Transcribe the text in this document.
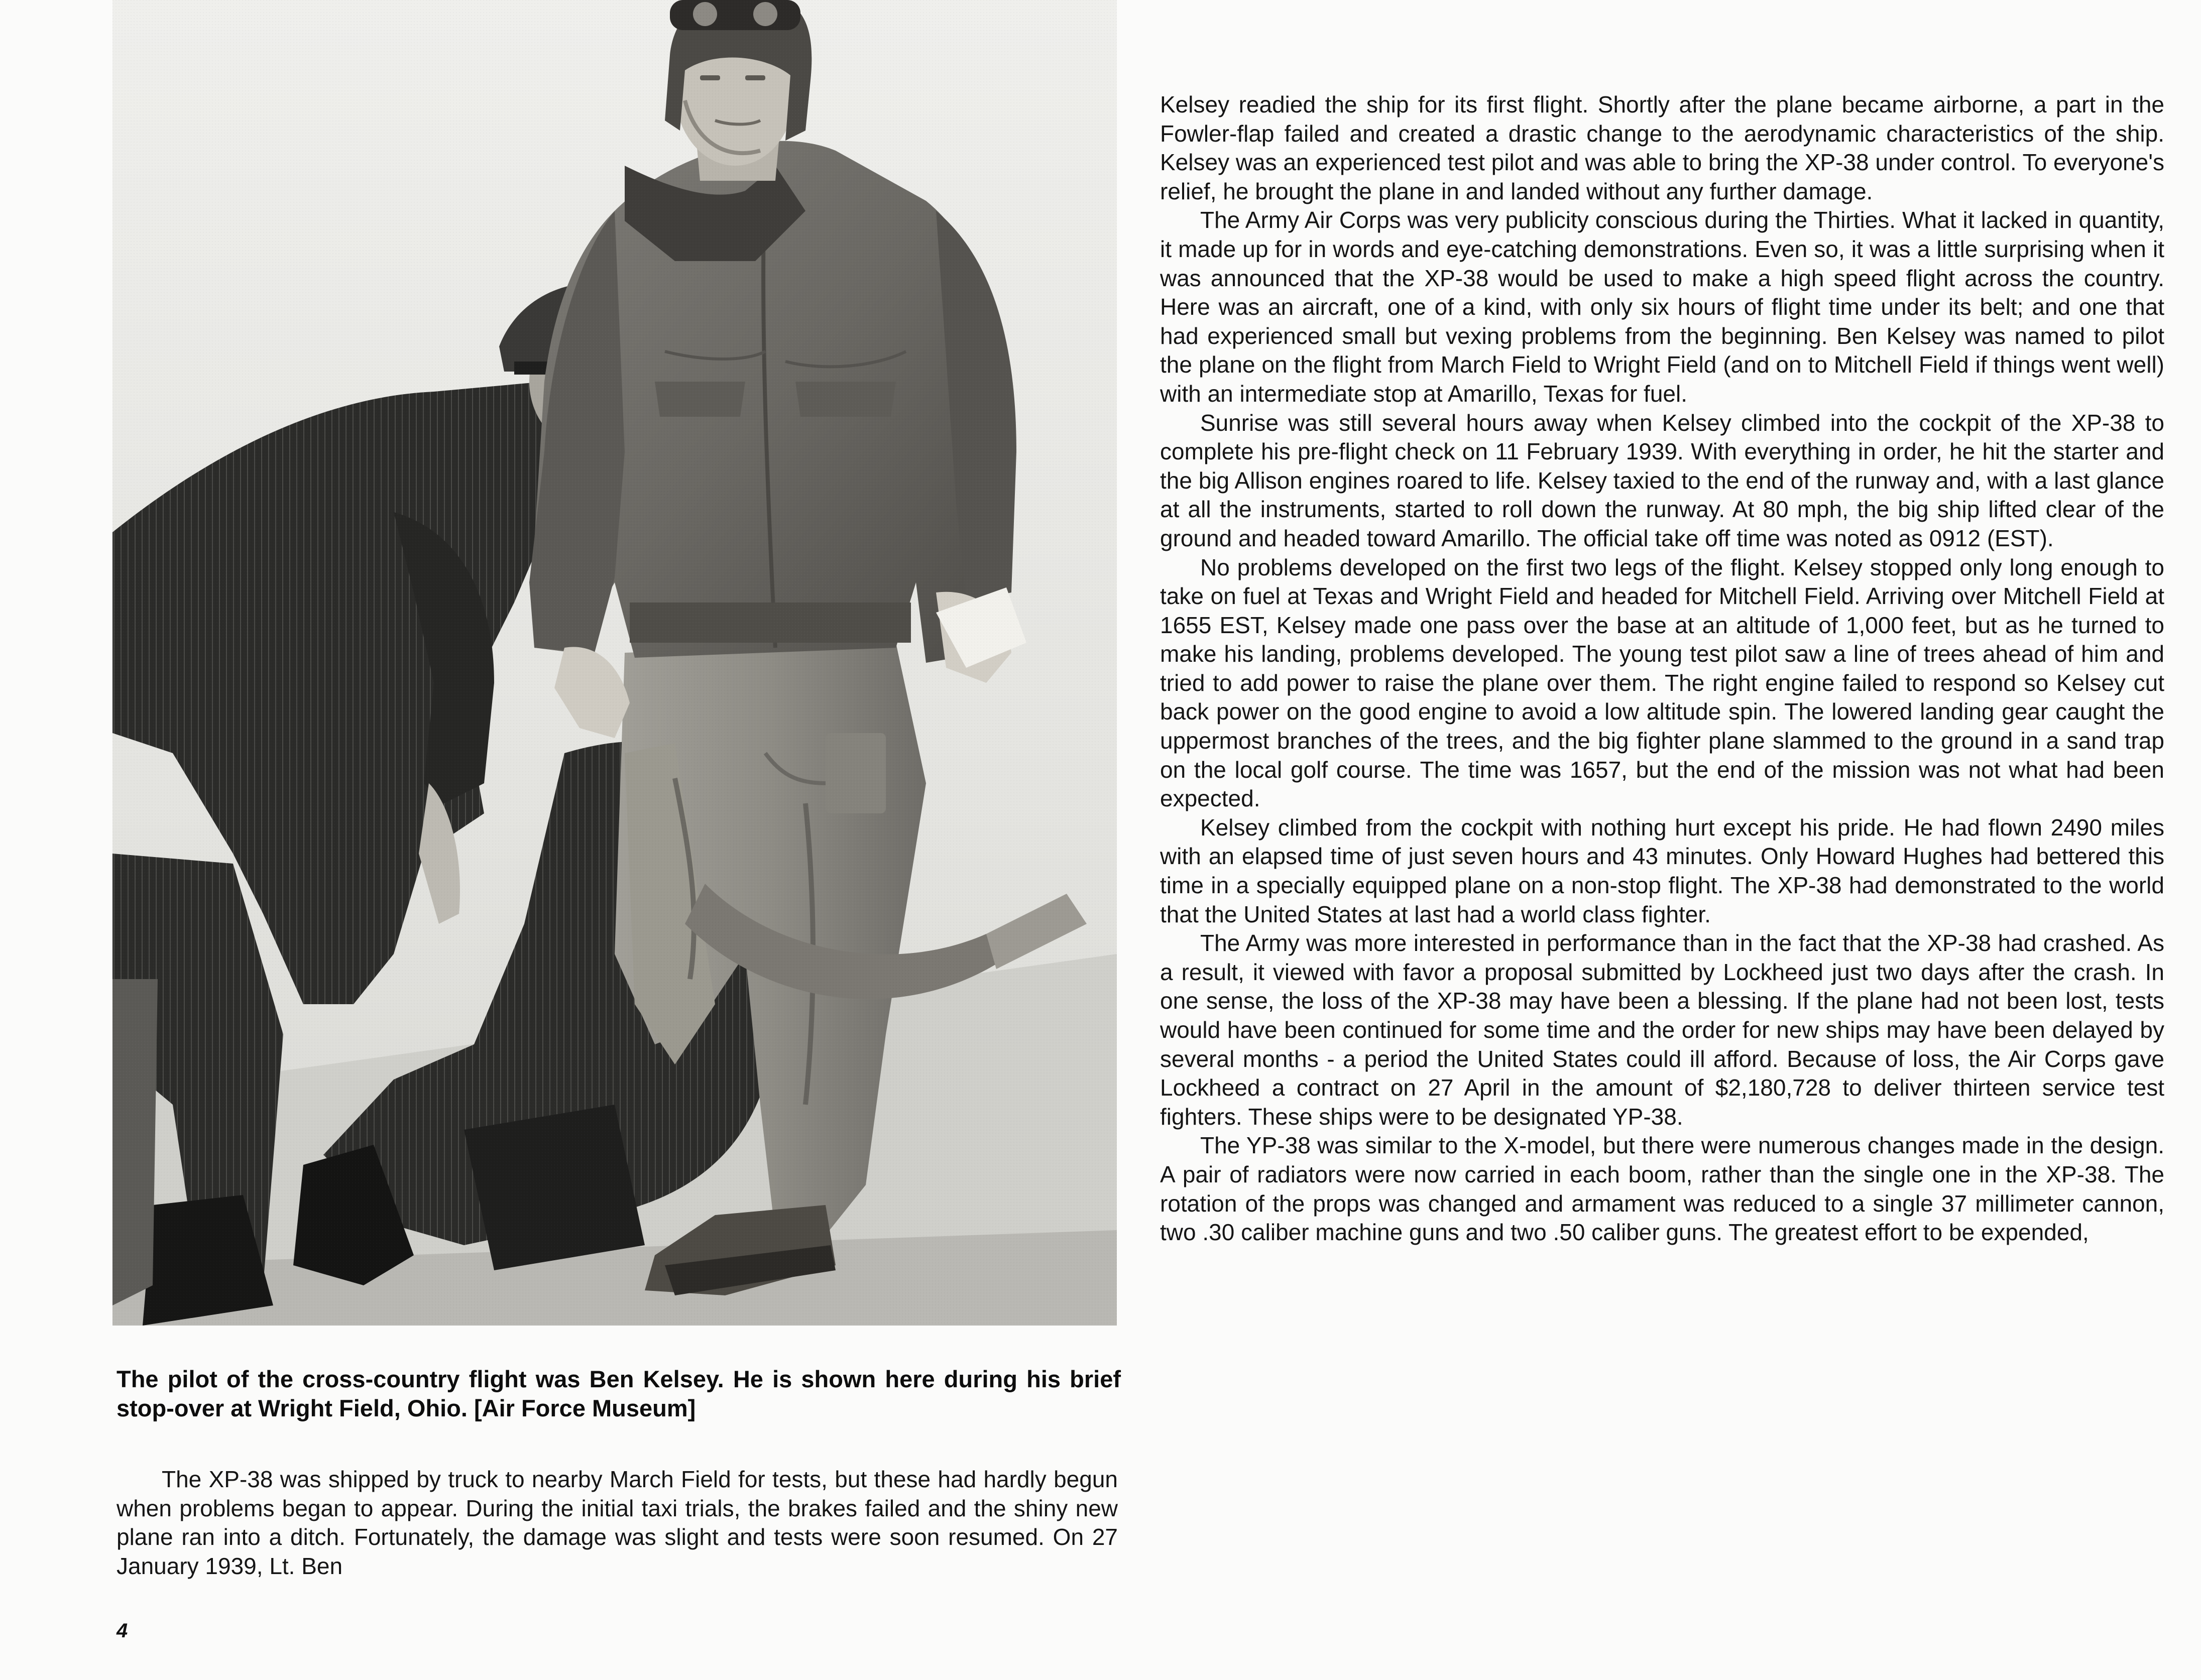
The pilot of the cross-country flight was Ben Kelsey. He is shown here during his brief stop-over at Wright Field, Ohio. [Air Force Museum]

The XP-38 was shipped by truck to nearby March Field for tests, but these had hardly begun when problems began to appear. During the initial taxi trials, the brakes failed and the shiny new plane ran into a ditch. Fortunately, the damage was slight and tests were soon resumed. On 27 January 1939, Lt. Ben

Kelsey readied the ship for its first flight. Shortly after the plane became airborne, a part in the Fowler-flap failed and created a drastic change to the aerodynamic characteristics of the ship. Kelsey was an experienced test pilot and was able to bring the XP-38 under control. To everyone's relief, he brought the plane in and landed without any further damage.

The Army Air Corps was very publicity conscious during the Thirties. What it lacked in quantity, it made up for in words and eye-catching demonstrations. Even so, it was a little surprising when it was announced that the XP-38 would be used to make a high speed flight across the country. Here was an aircraft, one of a kind, with only six hours of flight time under its belt; and one that had experienced small but vexing problems from the beginning. Ben Kelsey was named to pilot the plane on the flight from March Field to Wright Field (and on to Mitchell Field if things went well) with an intermediate stop at Amarillo, Texas for fuel.

Sunrise was still several hours away when Kelsey climbed into the cockpit of the XP-38 to complete his pre-flight check on 11 February 1939. With everything in order, he hit the starter and the big Allison engines roared to life. Kelsey taxied to the end of the runway and, with a last glance at all the instruments, started to roll down the runway. At 80 mph, the big ship lifted clear of the ground and headed toward Amarillo. The official take off time was noted as 0912 (EST).

No problems developed on the first two legs of the flight. Kelsey stopped only long enough to take on fuel at Texas and Wright Field and headed for Mitchell Field. Arriving over Mitchell Field at 1655 EST, Kelsey made one pass over the base at an altitude of 1,000 feet, but as he turned to make his landing, problems developed. The young test pilot saw a line of trees ahead of him and tried to add power to raise the plane over them. The right engine failed to respond so Kelsey cut back power on the good engine to avoid a low altitude spin. The lowered landing gear caught the uppermost branches of the trees, and the big fighter plane slammed to the ground in a sand trap on the local golf course. The time was 1657, but the end of the mission was not what had been expected.

Kelsey climbed from the cockpit with nothing hurt except his pride. He had flown 2490 miles with an elapsed time of just seven hours and 43 minutes. Only Howard Hughes had bettered this time in a specially equipped plane on a non-stop flight. The XP-38 had demonstrated to the world that the United States at last had a world class fighter.

The Army was more interested in performance than in the fact that the XP-38 had crashed. As a result, it viewed with favor a proposal submitted by Lockheed just two days after the crash. In one sense, the loss of the XP-38 may have been a blessing. If the plane had not been lost, tests would have been continued for some time and the order for new ships may have been delayed by several months - a period the United States could ill afford. Because of loss, the Air Corps gave Lockheed a contract on 27 April in the amount of $2,180,728 to deliver thirteen service test fighters. These ships were to be designated YP-38.

The YP-38 was similar to the X-model, but there were numerous changes made in the design. A pair of radiators were now carried in each boom, rather than the single one in the XP-38. The rotation of the props was changed and armament was reduced to a single 37 millimeter cannon, two .30 caliber machine guns and two .50 caliber guns. The greatest effort to be expended,

4
